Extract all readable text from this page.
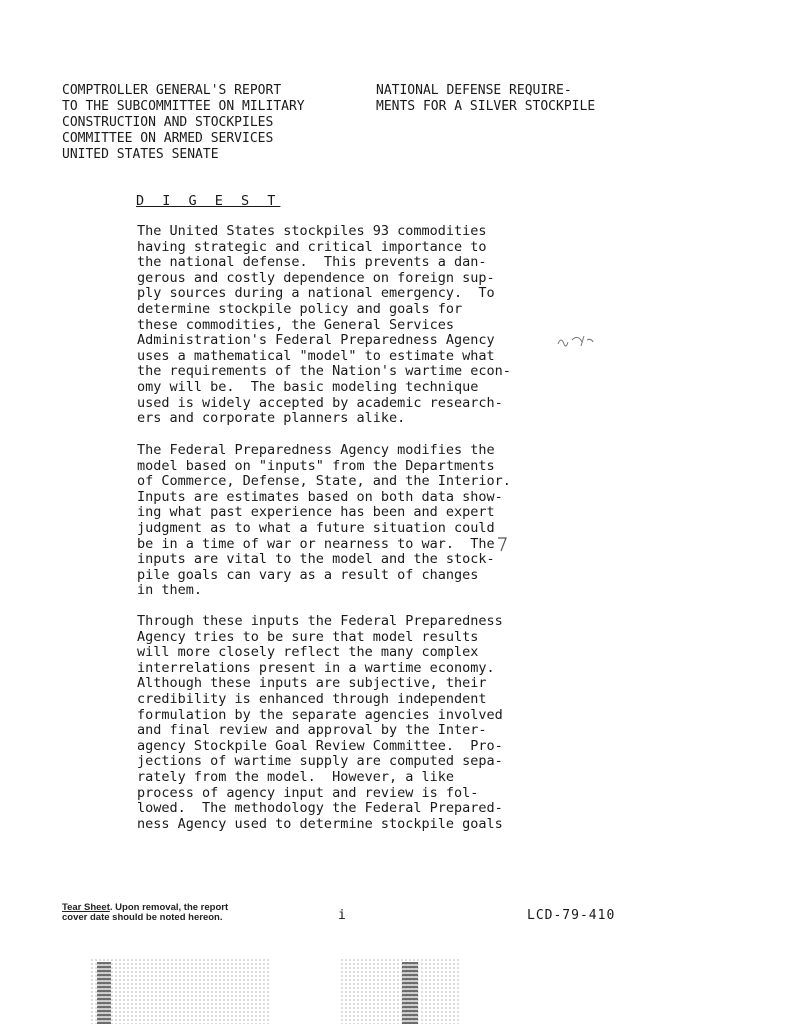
COMPTROLLER GENERAL'S REPORT
TO THE SUBCOMMITTEE ON MILITARY
CONSTRUCTION AND STOCKPILES
COMMITTEE ON ARMED SERVICES
UNITED STATES SENATE
NATIONAL DEFENSE REQUIRE-
MENTS FOR A SILVER STOCKPILE
D I G E S T
The United States stockpiles 93 commodities
having strategic and critical importance to
the national defense.  This prevents a dan-
gerous and costly dependence on foreign sup-
ply sources during a national emergency.  To
determine stockpile policy and goals for
these commodities, the General Services
Administration's Federal Preparedness Agency
uses a mathematical "model" to estimate what
the requirements of the Nation's wartime econ-
omy will be.  The basic modeling technique
used is widely accepted by academic research-
ers and corporate planners alike.
The Federal Preparedness Agency modifies the
model based on "inputs" from the Departments
of Commerce, Defense, State, and the Interior.
Inputs are estimates based on both data show-
ing what past experience has been and expert
judgment as to what a future situation could
be in a time of war or nearness to war.  The
inputs are vital to the model and the stock-
pile goals can vary as a result of changes
in them.
Through these inputs the Federal Preparedness
Agency tries to be sure that model results
will more closely reflect the many complex
interrelations present in a wartime economy.
Although these inputs are subjective, their
credibility is enhanced through independent
formulation by the separate agencies involved
and final review and approval by the Inter-
agency Stockpile Goal Review Committee.  Pro-
jections of wartime supply are computed sepa-
rately from the model.  However, a like
process of agency input and review is fol-
lowed.  The methodology the Federal Prepared-
ness Agency used to determine stockpile goals
Tear Sheet. Upon removal, the report
cover date should be noted hereon.	i	LCD-79-410
